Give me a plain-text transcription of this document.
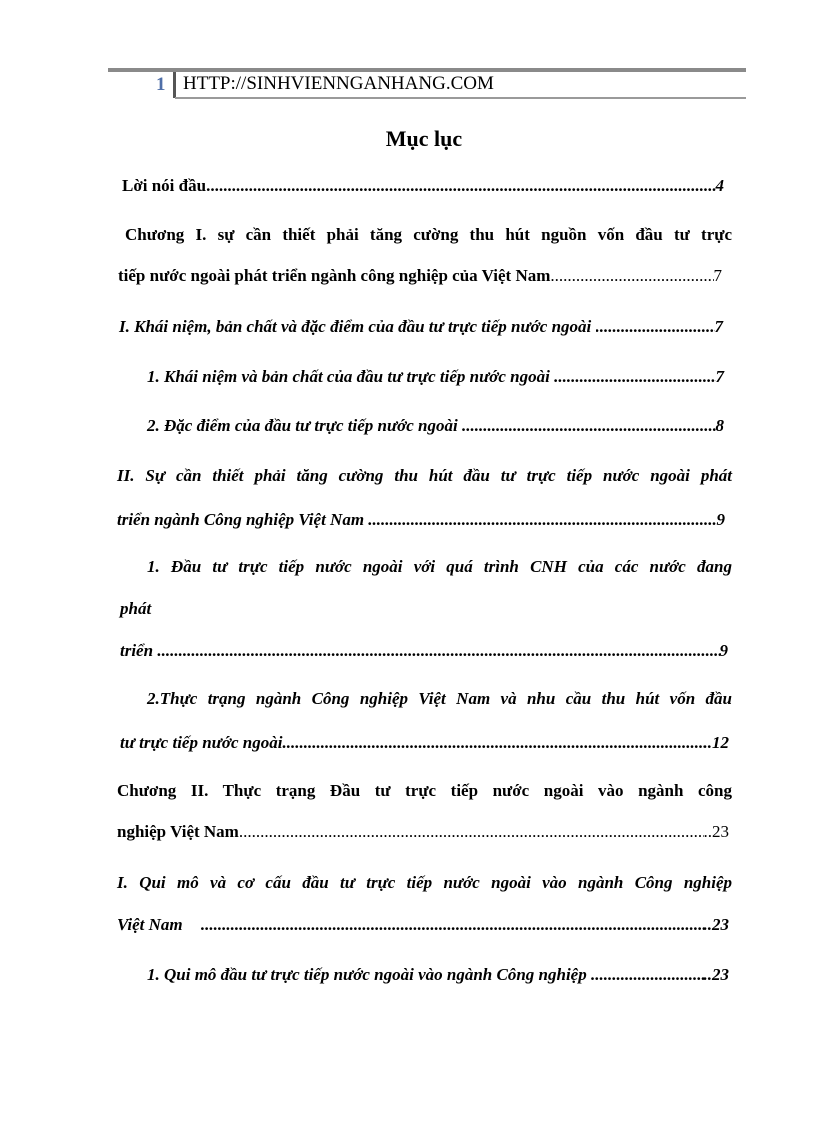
1 HTTP://SINHVIENNGANHANG.COM
Mục lục
Lời nói đầu .....	4
Chương I. sự cần thiết phải tăng cường thu hút nguồn vốn đầu tư trực
tiếp nước ngoài phát triển ngành công nghiệp của Việt Nam .....	7
I. Khái niệm, bản chất và đặc điểm của đầu tư trực tiếp nước ngoài .....	7
1. Khái niệm và bản chất của đầu tư trực tiếp nước ngoài .....	7
2. Đặc điểm của đầu tư trực tiếp nước ngoài .....	8
II. Sự cần thiết phải tăng cường thu hút đầu tư trực tiếp nước ngoài phát
triển ngành Công nghiệp Việt Nam .....	9
1. Đầu tư trực tiếp nước ngoài với quá trình CNH của các nước đang
phát
triển .....	9
2.Thực trạng ngành Công nghiệp Việt Nam và nhu cầu thu hút vốn đầu
tư trực tiếp nước ngoài .....	..12
Chương II. Thực trạng Đầu tư trực tiếp nước ngoài vào ngành công
nghiệp Việt Nam .....	..23
I. Qui mô và cơ cấu đầu tư trực tiếp nước ngoài vào ngành Công nghiệp
Việt Nam .....	..23
1. Qui mô đầu tư trực tiếp nước ngoài vào ngành Công nghiệp .....	..23
